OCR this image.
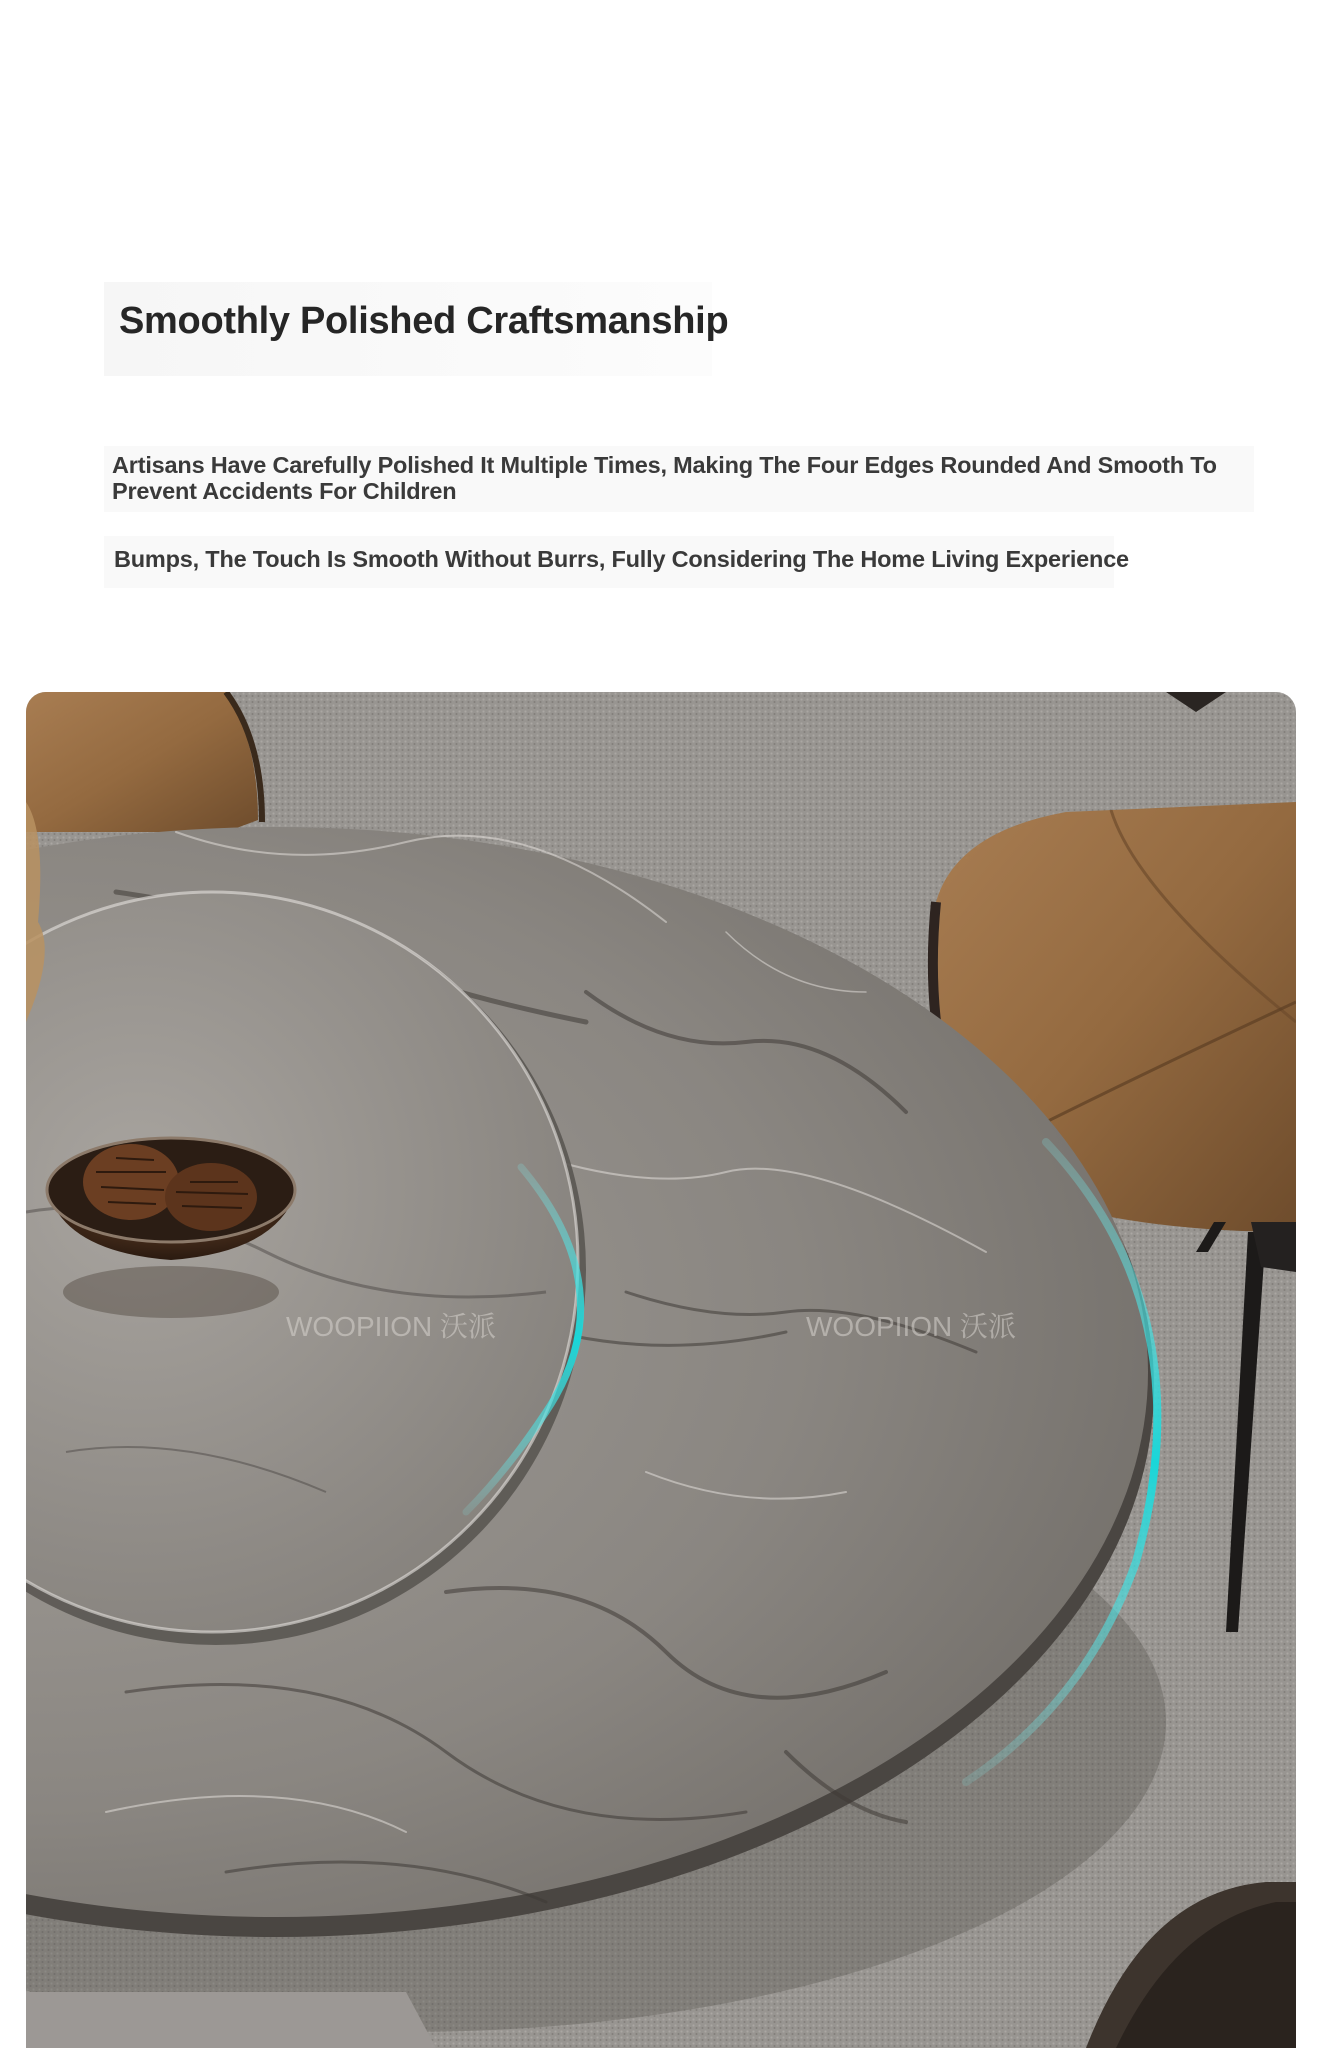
Smoothly Polished Craftsmanship

Artisans Have Carefully Polished It Multiple Times, Making The Four Edges Rounded And Smooth To Prevent Accidents For Children

Bumps, The Touch Is Smooth Without Burrs, Fully Considering The Home Living Experience

WOOPIION 沃派	WOOPIION 沃派
